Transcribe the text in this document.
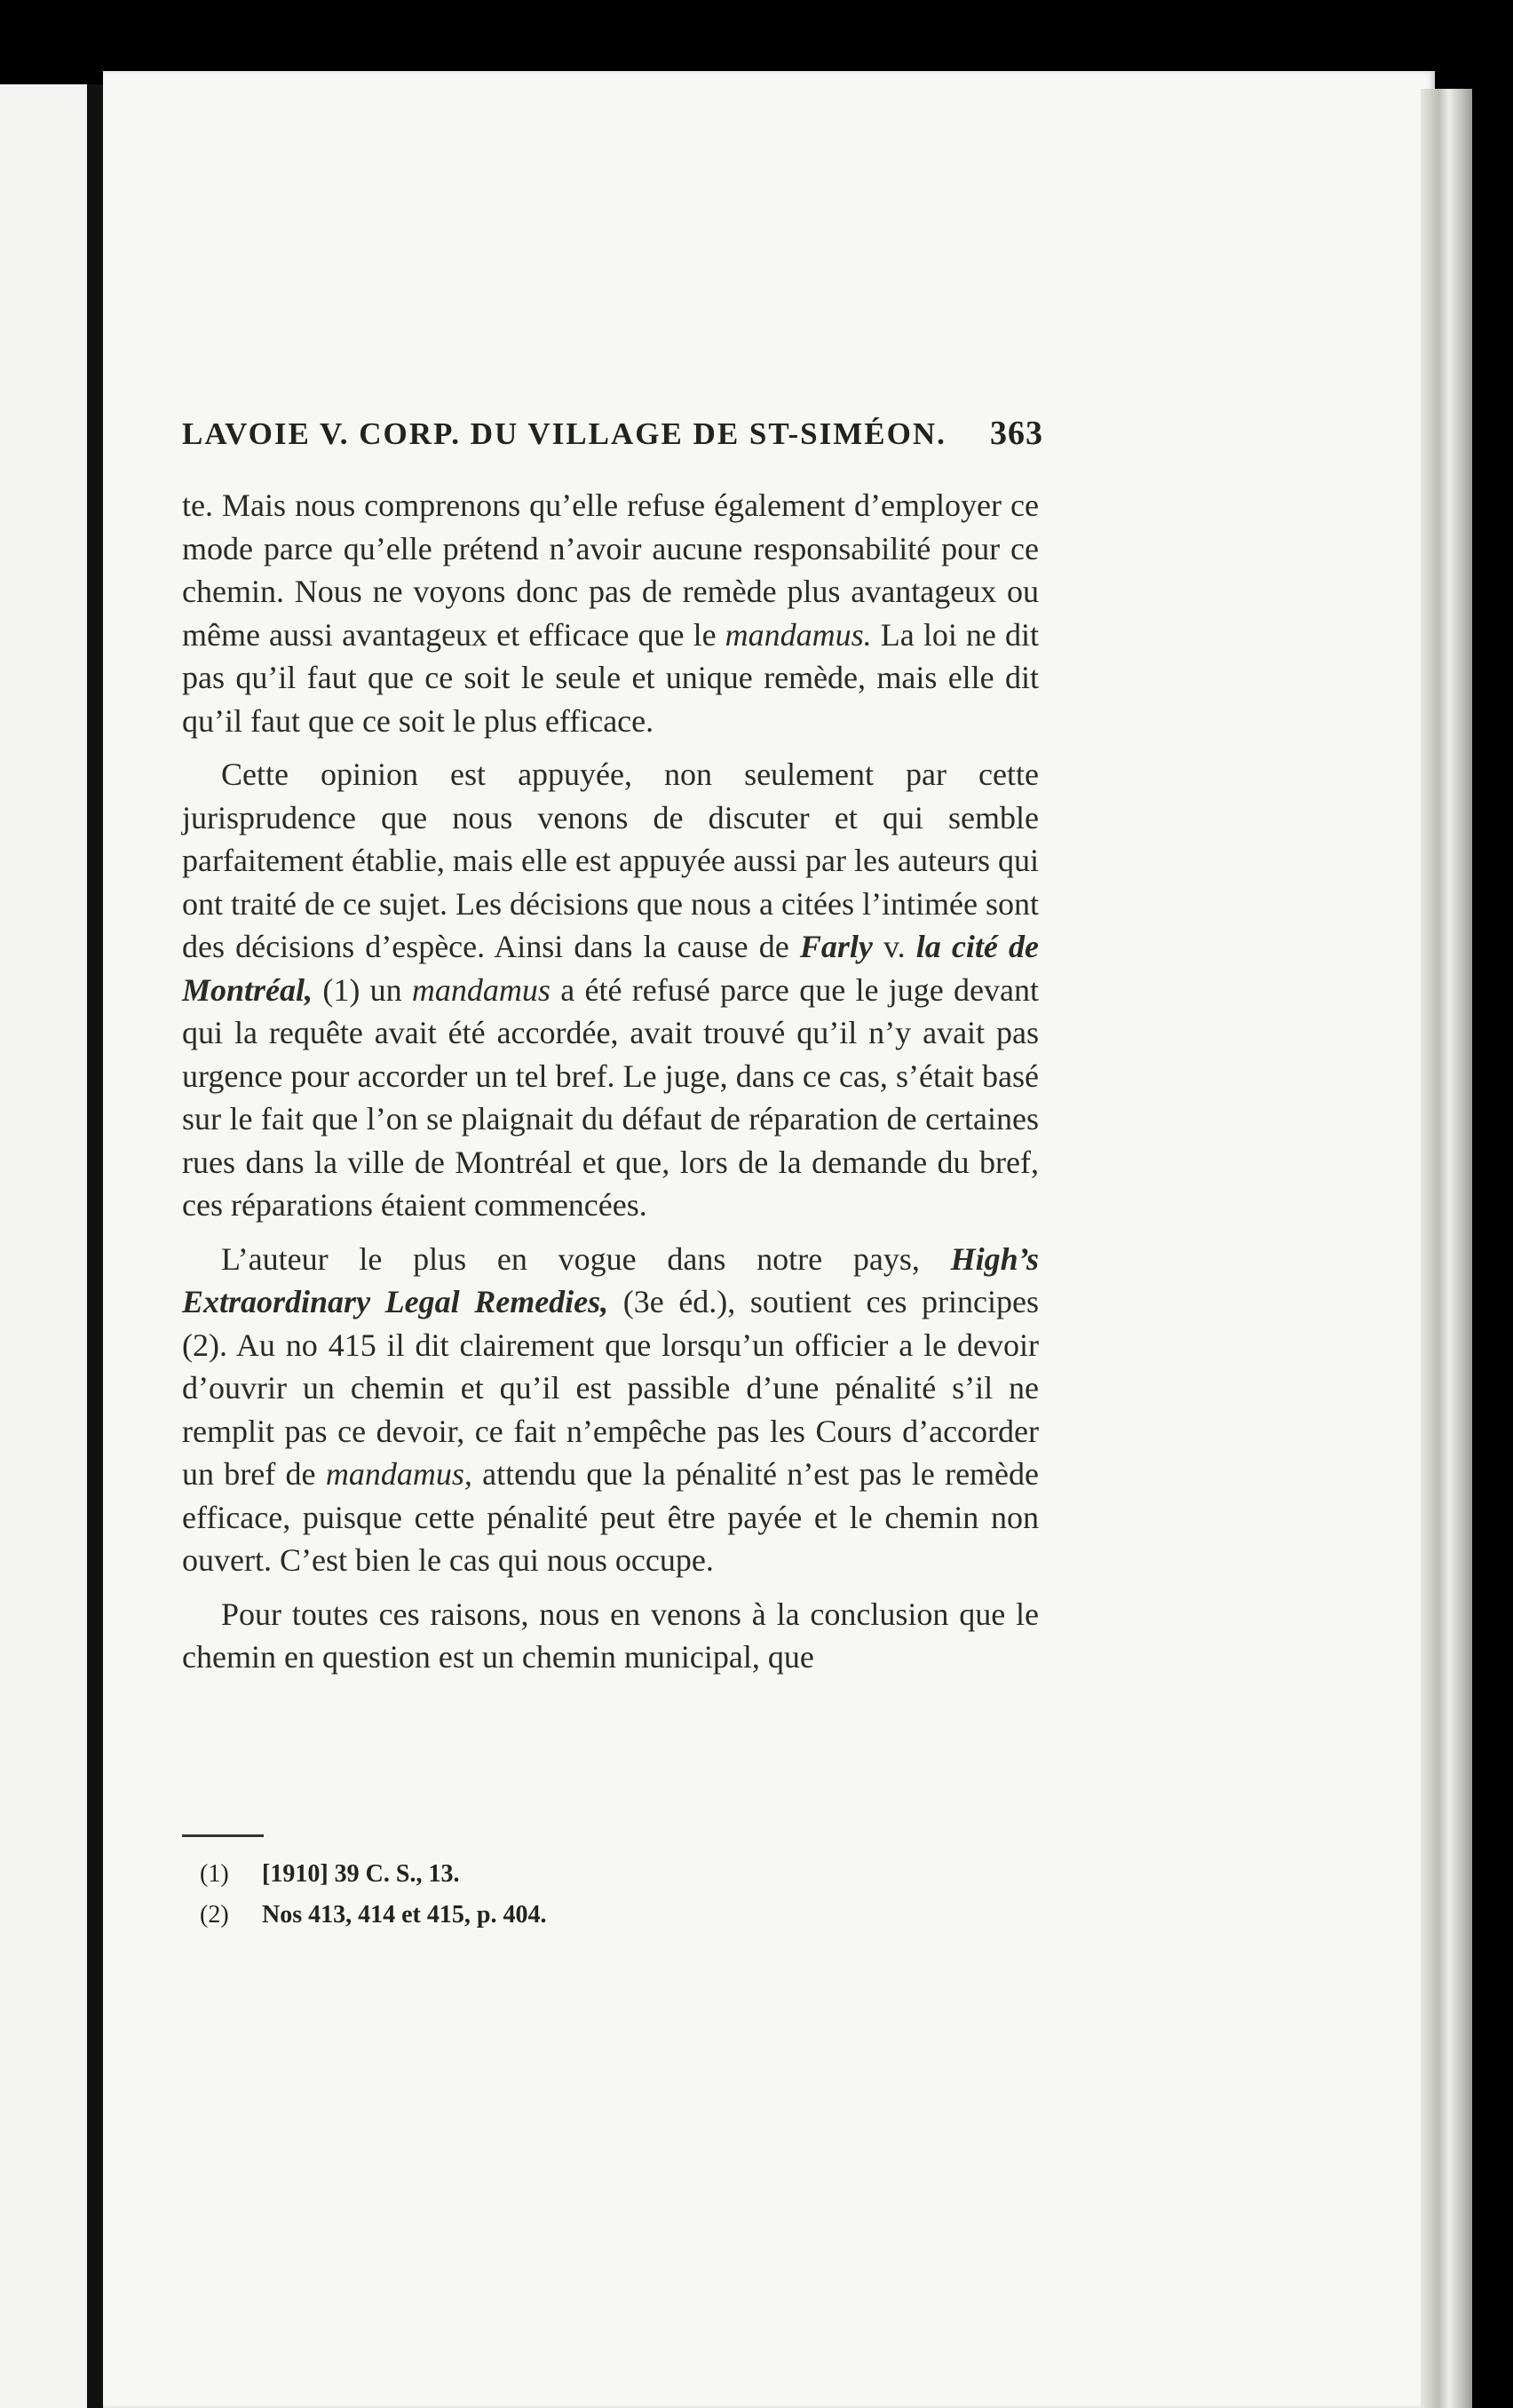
LAVOIE V. CORP. DU VILLAGE DE ST-SIMÉON. 363

te. Mais nous comprenons qu’elle refuse également d’employer ce mode parce qu’elle prétend n’avoir aucune responsabilité pour ce chemin. Nous ne voyons donc pas de remède plus avantageux ou même aussi avantageux et efficace que le mandamus. La loi ne dit pas qu’il faut que ce soit le seule et unique remède, mais elle dit qu’il faut que ce soit le plus efficace.

Cette opinion est appuyée, non seulement par cette jurisprudence que nous venons de discuter et qui semble parfaitement établie, mais elle est appuyée aussi par les auteurs qui ont traité de ce sujet. Les décisions que nous a citées l’intimée sont des décisions d’espèce. Ainsi dans la cause de Farly v. la cité de Montréal, (1) un mandamus a été refusé parce que le juge devant qui la requête avait été accordée, avait trouvé qu’il n’y avait pas urgence pour accorder un tel bref. Le juge, dans ce cas, s’était basé sur le fait que l’on se plaignait du défaut de réparation de certaines rues dans la ville de Montréal et que, lors de la demande du bref, ces réparations étaient commencées.

L’auteur le plus en vogue dans notre pays, High’s Extraordinary Legal Remedies, (3e éd.), soutient ces principes (2). Au no 415 il dit clairement que lorsqu’un officier a le devoir d’ouvrir un chemin et qu’il est passible d’une pénalité s’il ne remplit pas ce devoir, ce fait n’empêche pas les Cours d’accorder un bref de mandamus, attendu que la pénalité n’est pas le remède efficace, puisque cette pénalité peut être payée et le chemin non ouvert. C’est bien le cas qui nous occupe.

Pour toutes ces raisons, nous en venons à la conclusion que le chemin en question est un chemin municipal, que

(1)	[1910] 39 C. S., 13.
(2)	Nos 413, 414 et 415, p. 404.
